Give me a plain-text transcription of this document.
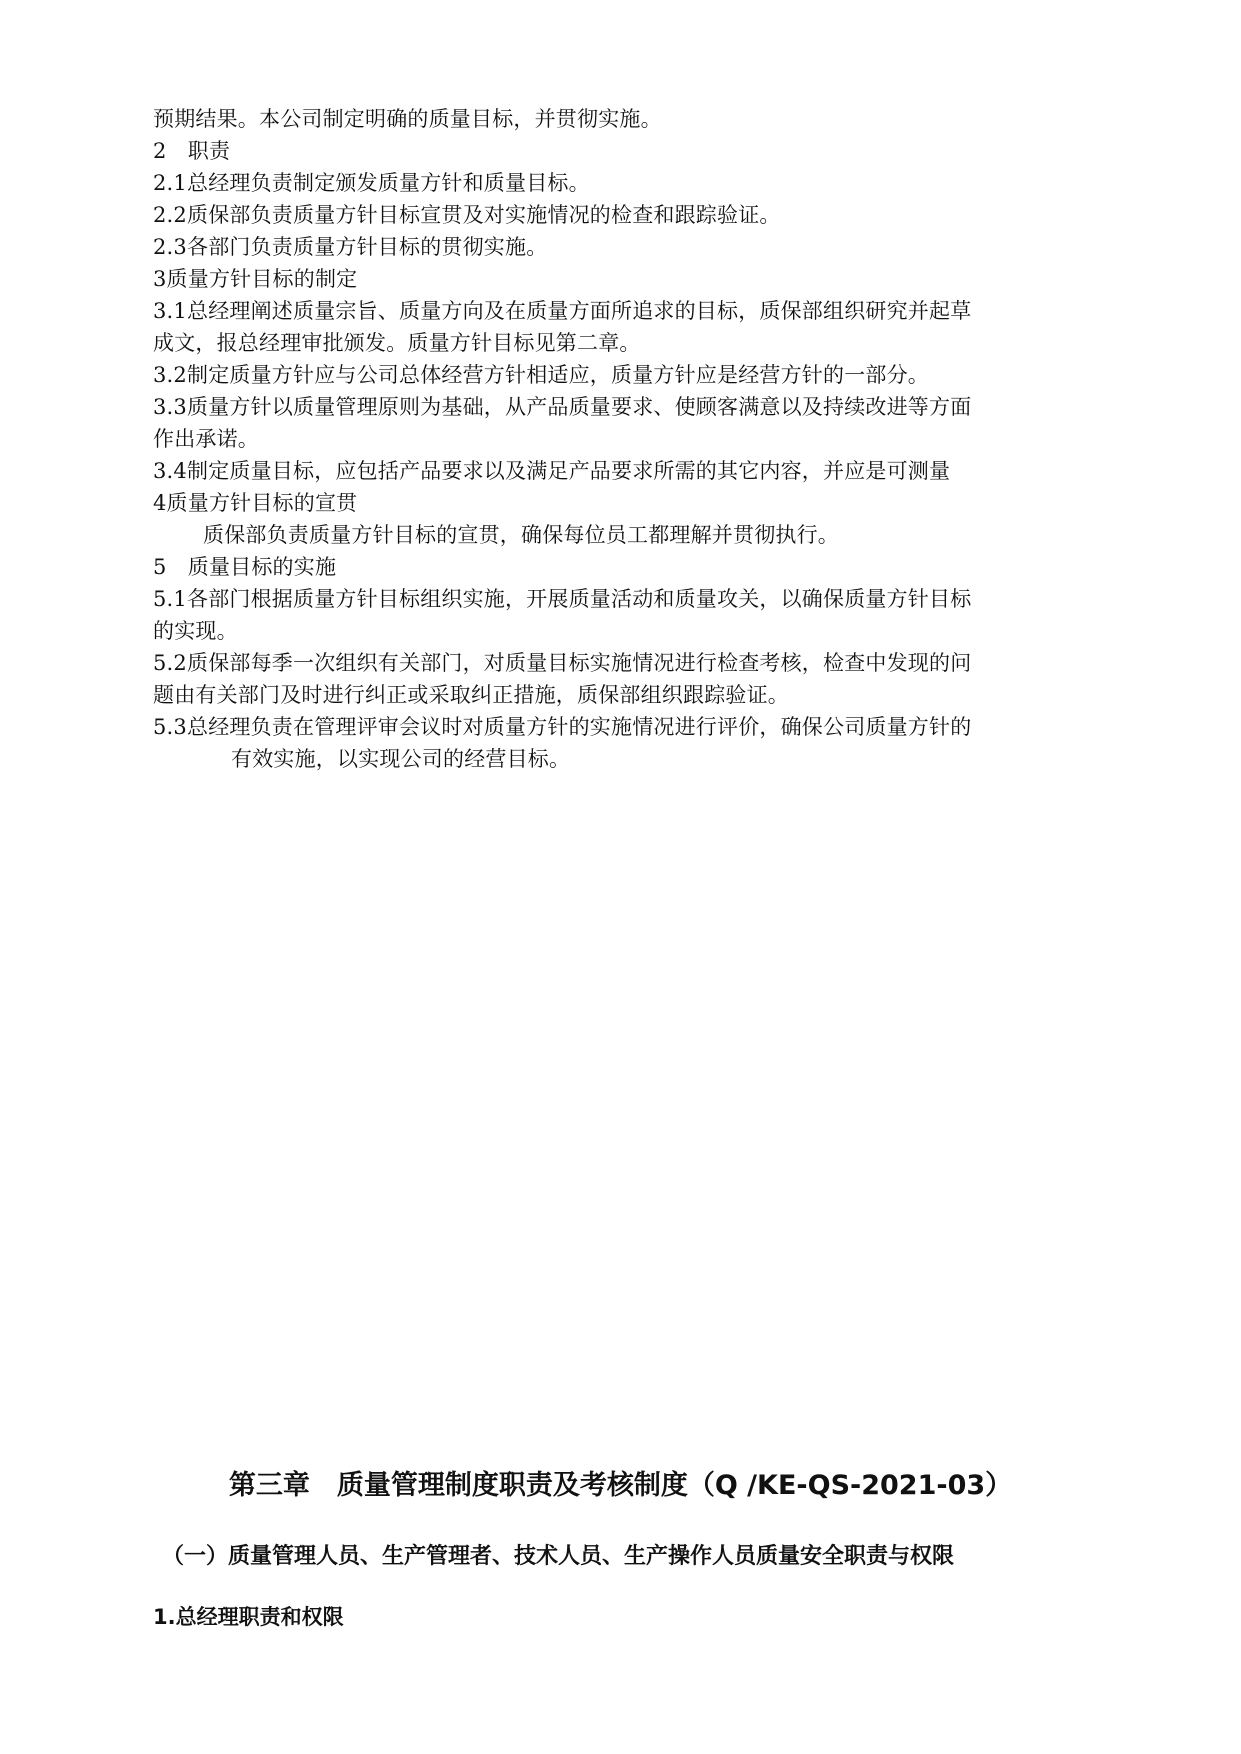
预期结果。本公司制定明确的质量目标，并贯彻实施。
2　职责
2.1总经理负责制定颁发质量方针和质量目标。
2.2质保部负责质量方针目标宣贯及对实施情况的检查和跟踪验证。
2.3各部门负责质量方针目标的贯彻实施。
3质量方针目标的制定
3.1总经理阐述质量宗旨、质量方向及在质量方面所追求的目标，质保部组织研究并起草
成文，报总经理审批颁发。质量方针目标见第二章。
3.2制定质量方针应与公司总体经营方针相适应，质量方针应是经营方针的一部分。
3.3质量方针以质量管理原则为基础，从产品质量要求、使顾客满意以及持续改进等方面
作出承诺。
3.4制定质量目标，应包括产品要求以及满足产品要求所需的其它内容，并应是可测量
4质量方针目标的宣贯
质保部负责质量方针目标的宣贯，确保每位员工都理解并贯彻执行。
5　质量目标的实施
5.1各部门根据质量方针目标组织实施，开展质量活动和质量攻关，以确保质量方针目标
的实现。
5.2质保部每季一次组织有关部门，对质量目标实施情况进行检查考核，检查中发现的问
题由有关部门及时进行纠正或采取纠正措施，质保部组织跟踪验证。
5.3总经理负责在管理评审会议时对质量方针的实施情况进行评价，确保公司质量方针的
有效实施，以实现公司的经营目标。
第三章　质量管理制度职责及考核制度（Q /KE-QS-2021-03）
（一）质量管理人员、生产管理者、技术人员、生产操作人员质量安全职责与权限
1.总经理职责和权限
